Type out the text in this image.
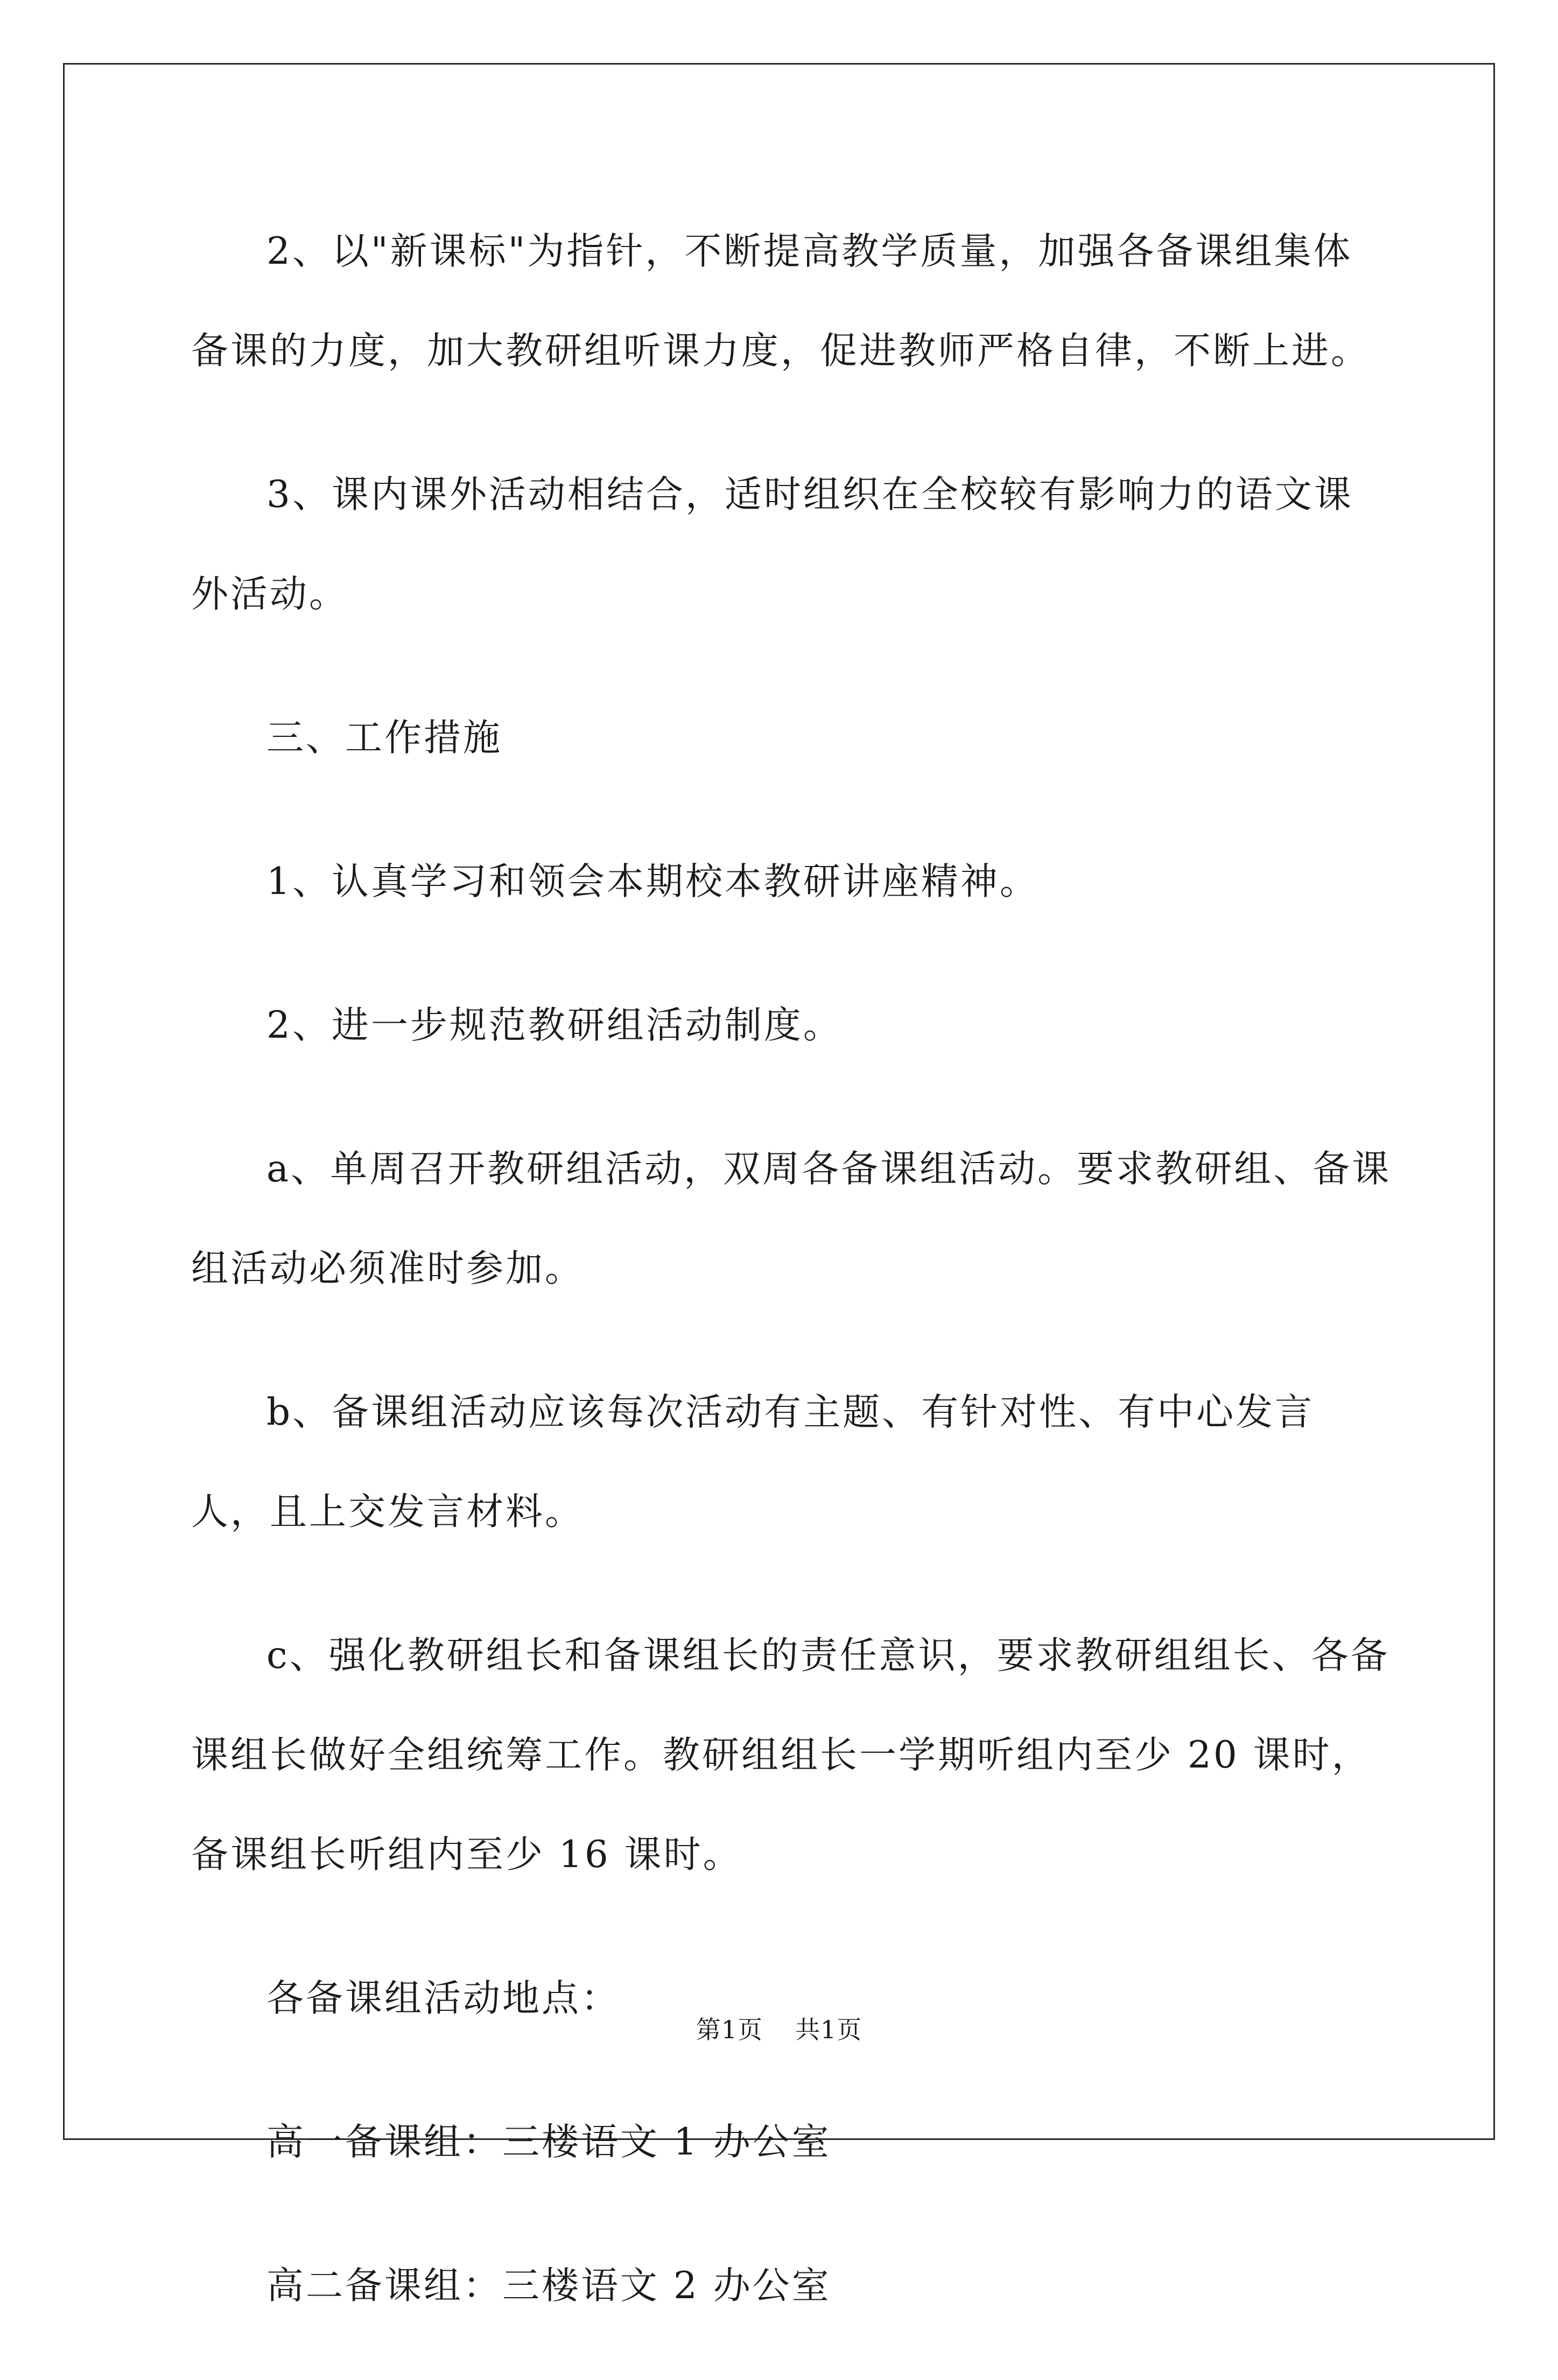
2、以"新课标"为指针，不断提高教学质量，加强各备课组集体备课的力度，加大教研组听课力度，促进教师严格自律，不断上进。

3、课内课外活动相结合，适时组织在全校较有影响力的语文课外活动。

三、工作措施

1、认真学习和领会本期校本教研讲座精神。

2、进一步规范教研组活动制度。

a、单周召开教研组活动，双周各备课组活动。要求教研组、备课组活动必须准时参加。

b、备课组活动应该每次活动有主题、有针对性、有中心发言人，且上交发言材料。

c、强化教研组长和备课组长的责任意识，要求教研组组长、各备课组长做好全组统筹工作。教研组组长一学期听组内至少 20 课时，备课组长听组内至少 16 课时。

各备课组活动地点：

高一备课组：三楼语文 1 办公室

高二备课组：三楼语文 2 办公室

第1页 共1页
